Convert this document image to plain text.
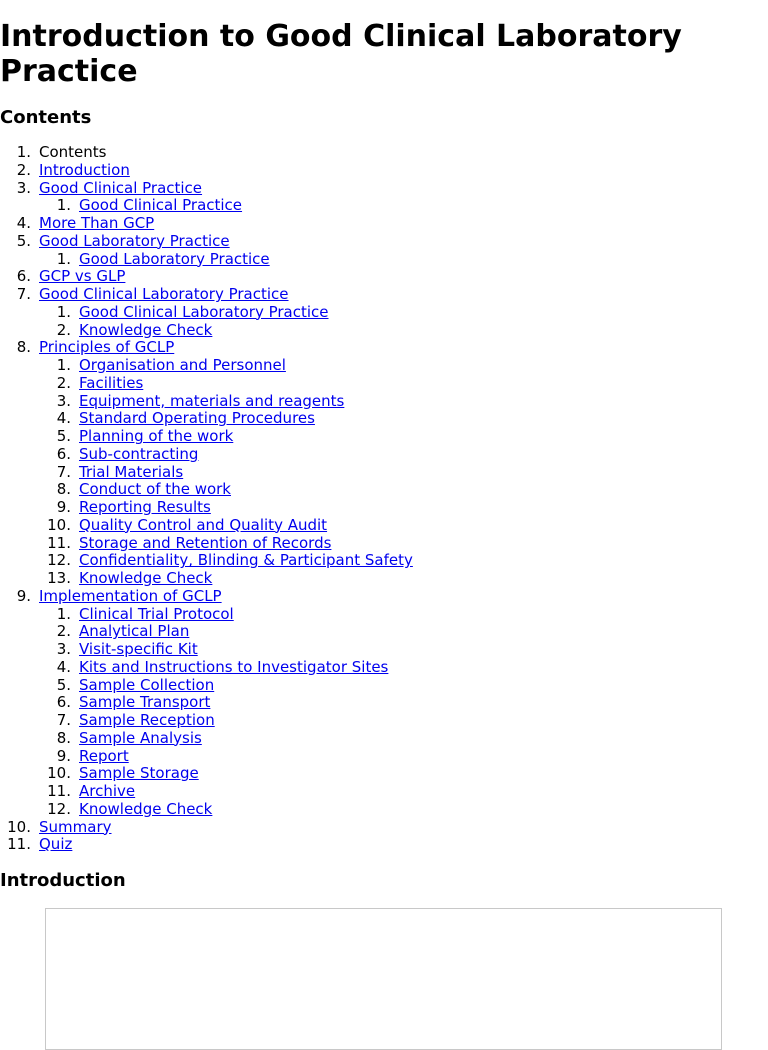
Introduction to Good Clinical Laboratory Practice
Contents
1. Contents
2. Introduction
3. Good Clinical Practice
1. Good Clinical Practice
4. More Than GCP
5. Good Laboratory Practice
1. Good Laboratory Practice
6. GCP vs GLP
7. Good Clinical Laboratory Practice
1. Good Clinical Laboratory Practice
2. Knowledge Check
8. Principles of GCLP
1. Organisation and Personnel
2. Facilities
3. Equipment, materials and reagents
4. Standard Operating Procedures
5. Planning of the work
6. Sub-contracting
7. Trial Materials
8. Conduct of the work
9. Reporting Results
10. Quality Control and Quality Audit
11. Storage and Retention of Records
12. Confidentiality, Blinding & Participant Safety
13. Knowledge Check
9. Implementation of GCLP
1. Clinical Trial Protocol
2. Analytical Plan
3. Visit-specific Kit
4. Kits and Instructions to Investigator Sites
5. Sample Collection
6. Sample Transport
7. Sample Reception
8. Sample Analysis
9. Report
10. Sample Storage
11. Archive
12. Knowledge Check
10. Summary
11. Quiz
Introduction
